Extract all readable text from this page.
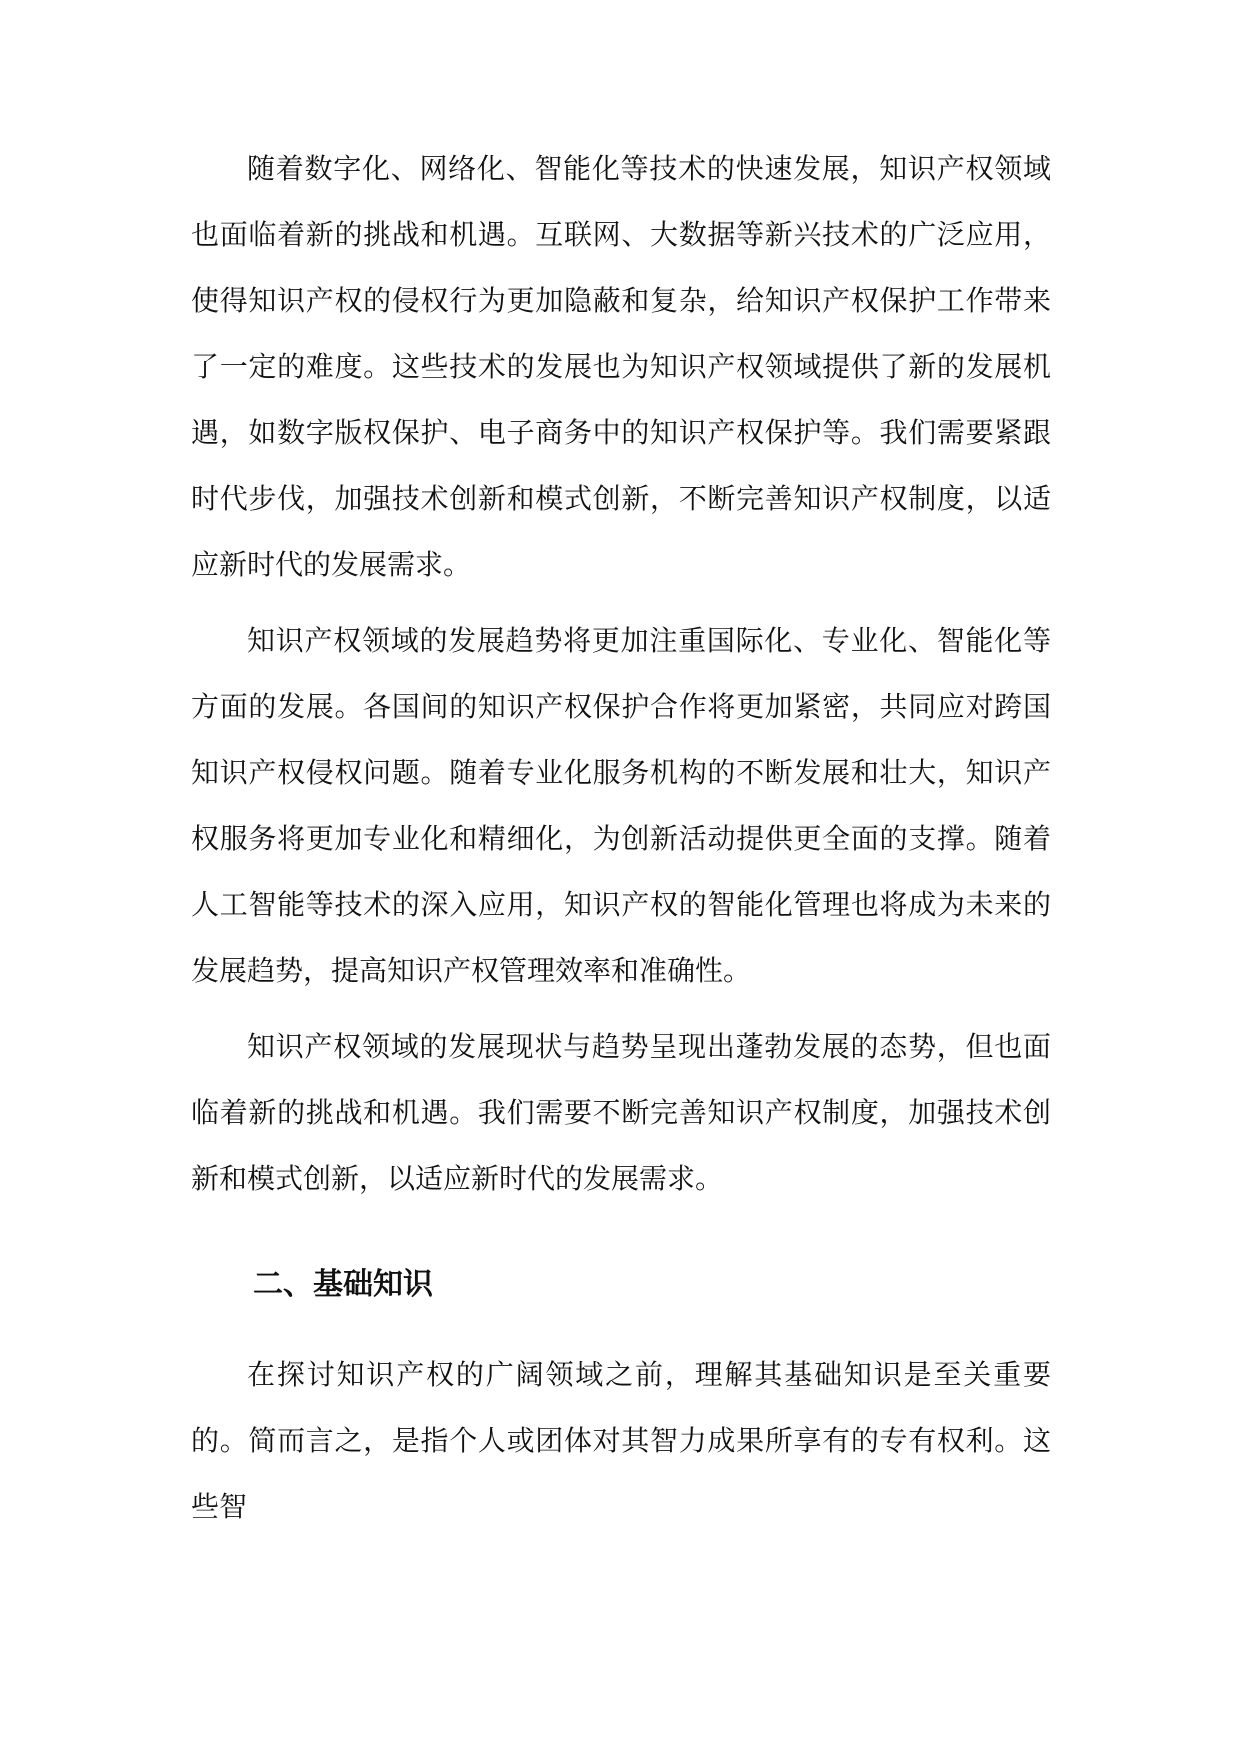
随着数字化、网络化、智能化等技术的快速发展，知识产权领域也面临着新的挑战和机遇。互联网、大数据等新兴技术的广泛应用，使得知识产权的侵权行为更加隐蔽和复杂，给知识产权保护工作带来了一定的难度。这些技术的发展也为知识产权领域提供了新的发展机遇，如数字版权保护、电子商务中的知识产权保护等。我们需要紧跟时代步伐，加强技术创新和模式创新，不断完善知识产权制度，以适应新时代的发展需求。

知识产权领域的发展趋势将更加注重国际化、专业化、智能化等方面的发展。各国间的知识产权保护合作将更加紧密，共同应对跨国知识产权侵权问题。随着专业化服务机构的不断发展和壮大，知识产权服务将更加专业化和精细化，为创新活动提供更全面的支撑。随着人工智能等技术的深入应用，知识产权的智能化管理也将成为未来的发展趋势，提高知识产权管理效率和准确性。

知识产权领域的发展现状与趋势呈现出蓬勃发展的态势，但也面临着新的挑战和机遇。我们需要不断完善知识产权制度，加强技术创新和模式创新，以适应新时代的发展需求。

二、基础知识

在探讨知识产权的广阔领域之前，理解其基础知识是至关重要的。简而言之，是指个人或团体对其智力成果所享有的专有权利。这些智
